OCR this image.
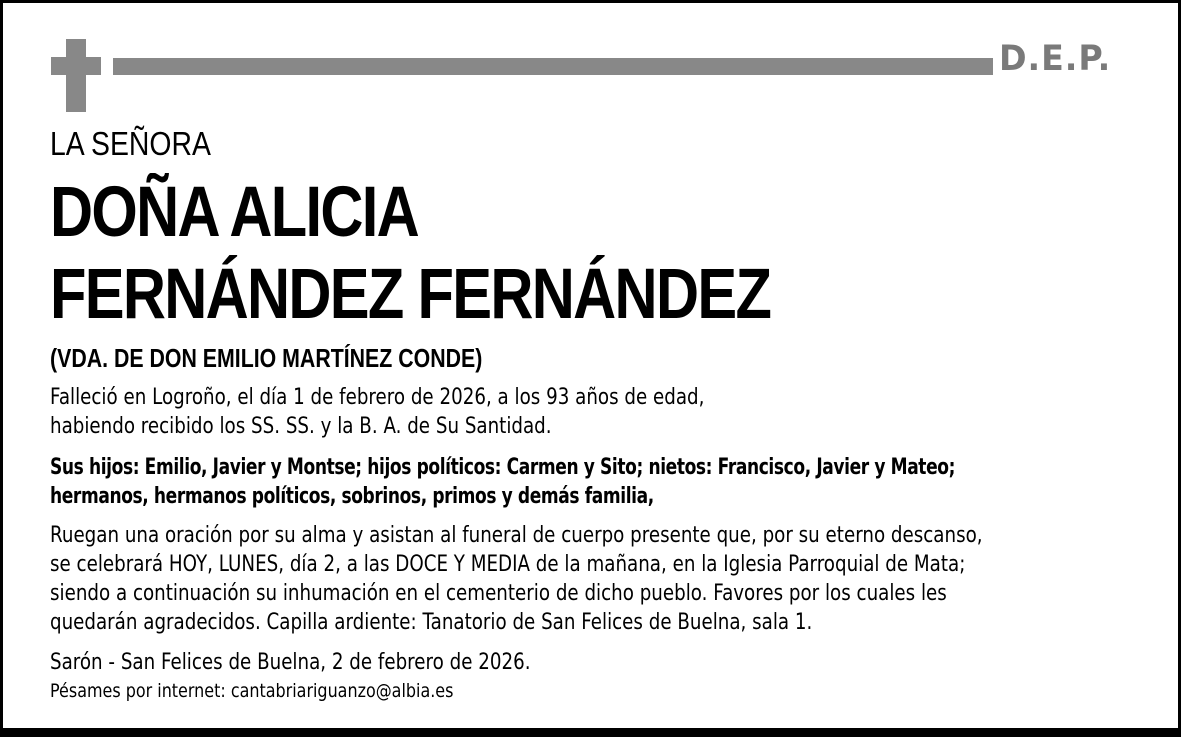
D.E.P.
LA SEÑORA
DOÑA ALICIA
FERNÁNDEZ FERNÁNDEZ
(VDA. DE DON EMILIO MARTÍNEZ CONDE)
Falleció en Logroño, el día 1 de febrero de 2026, a los 93 años de edad,
habiendo recibido los SS. SS. y la B. A. de Su Santidad.
Sus hijos: Emilio, Javier y Montse; hijos políticos: Carmen y Sito; nietos: Francisco, Javier y Mateo;
hermanos, hermanos políticos, sobrinos, primos y demás familia,
Ruegan una oración por su alma y asistan al funeral de cuerpo presente que, por su eterno descanso,
se celebrará HOY, LUNES, día 2, a las DOCE Y MEDIA de la mañana, en la Iglesia Parroquial de Mata;
siendo a continuación su inhumación en el cementerio de dicho pueblo. Favores por los cuales les
quedarán agradecidos. Capilla ardiente: Tanatorio de San Felices de Buelna, sala 1.
Sarón - San Felices de Buelna, 2 de febrero de 2026.
Pésames por internet: cantabriariguanzo@albia.es
